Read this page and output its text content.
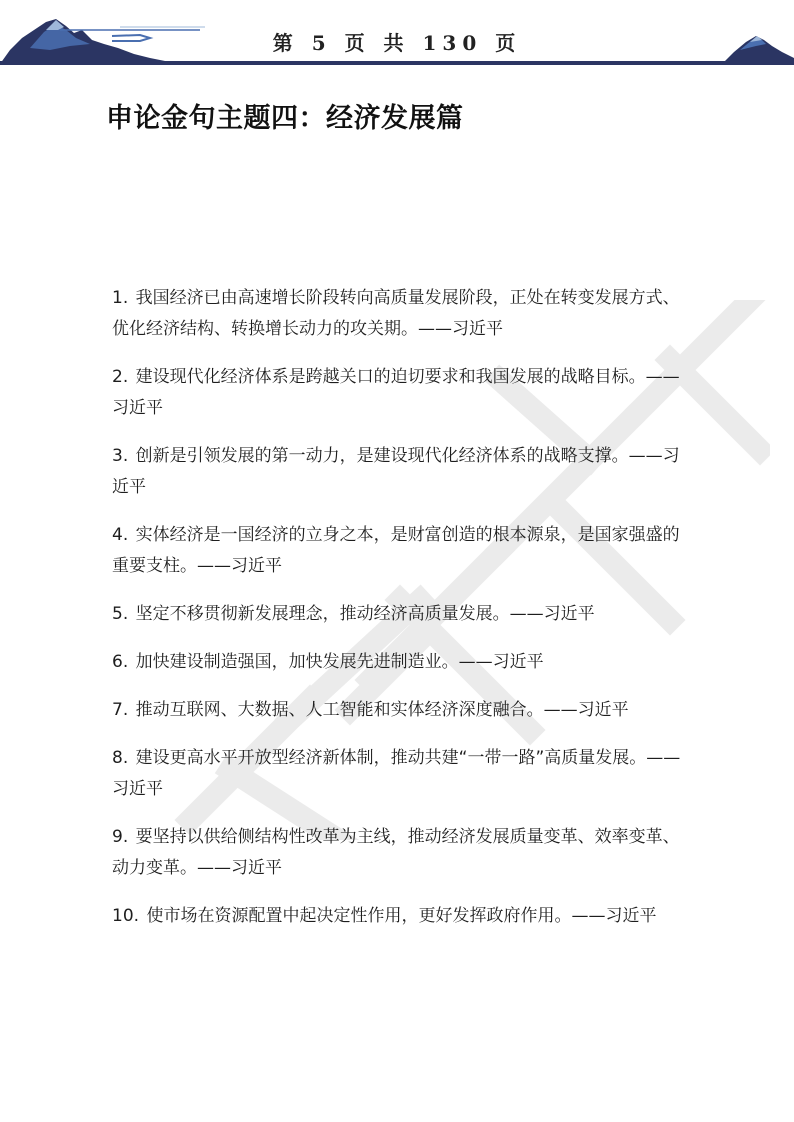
第 5 页 共 130 页
申论金句主题四：经济发展篇

1. 我国经济已由高速增长阶段转向高质量发展阶段，正处在转变发展方式、优化经济结构、转换增长动力的攻关期。——习近平

2. 建设现代化经济体系是跨越关口的迫切要求和我国发展的战略目标。——习近平

3. 创新是引领发展的第一动力，是建设现代化经济体系的战略支撑。——习近平

4. 实体经济是一国经济的立身之本，是财富创造的根本源泉，是国家强盛的重要支柱。——习近平

5. 坚定不移贯彻新发展理念，推动经济高质量发展。——习近平

6. 加快建设制造强国，加快发展先进制造业。——习近平

7. 推动互联网、大数据、人工智能和实体经济深度融合。——习近平

8. 建设更高水平开放型经济新体制，推动共建“一带一路”高质量发展。——习近平

9. 要坚持以供给侧结构性改革为主线，推动经济发展质量变革、效率变革、动力变革。——习近平

10. 使市场在资源配置中起决定性作用，更好发挥政府作用。——习近平
